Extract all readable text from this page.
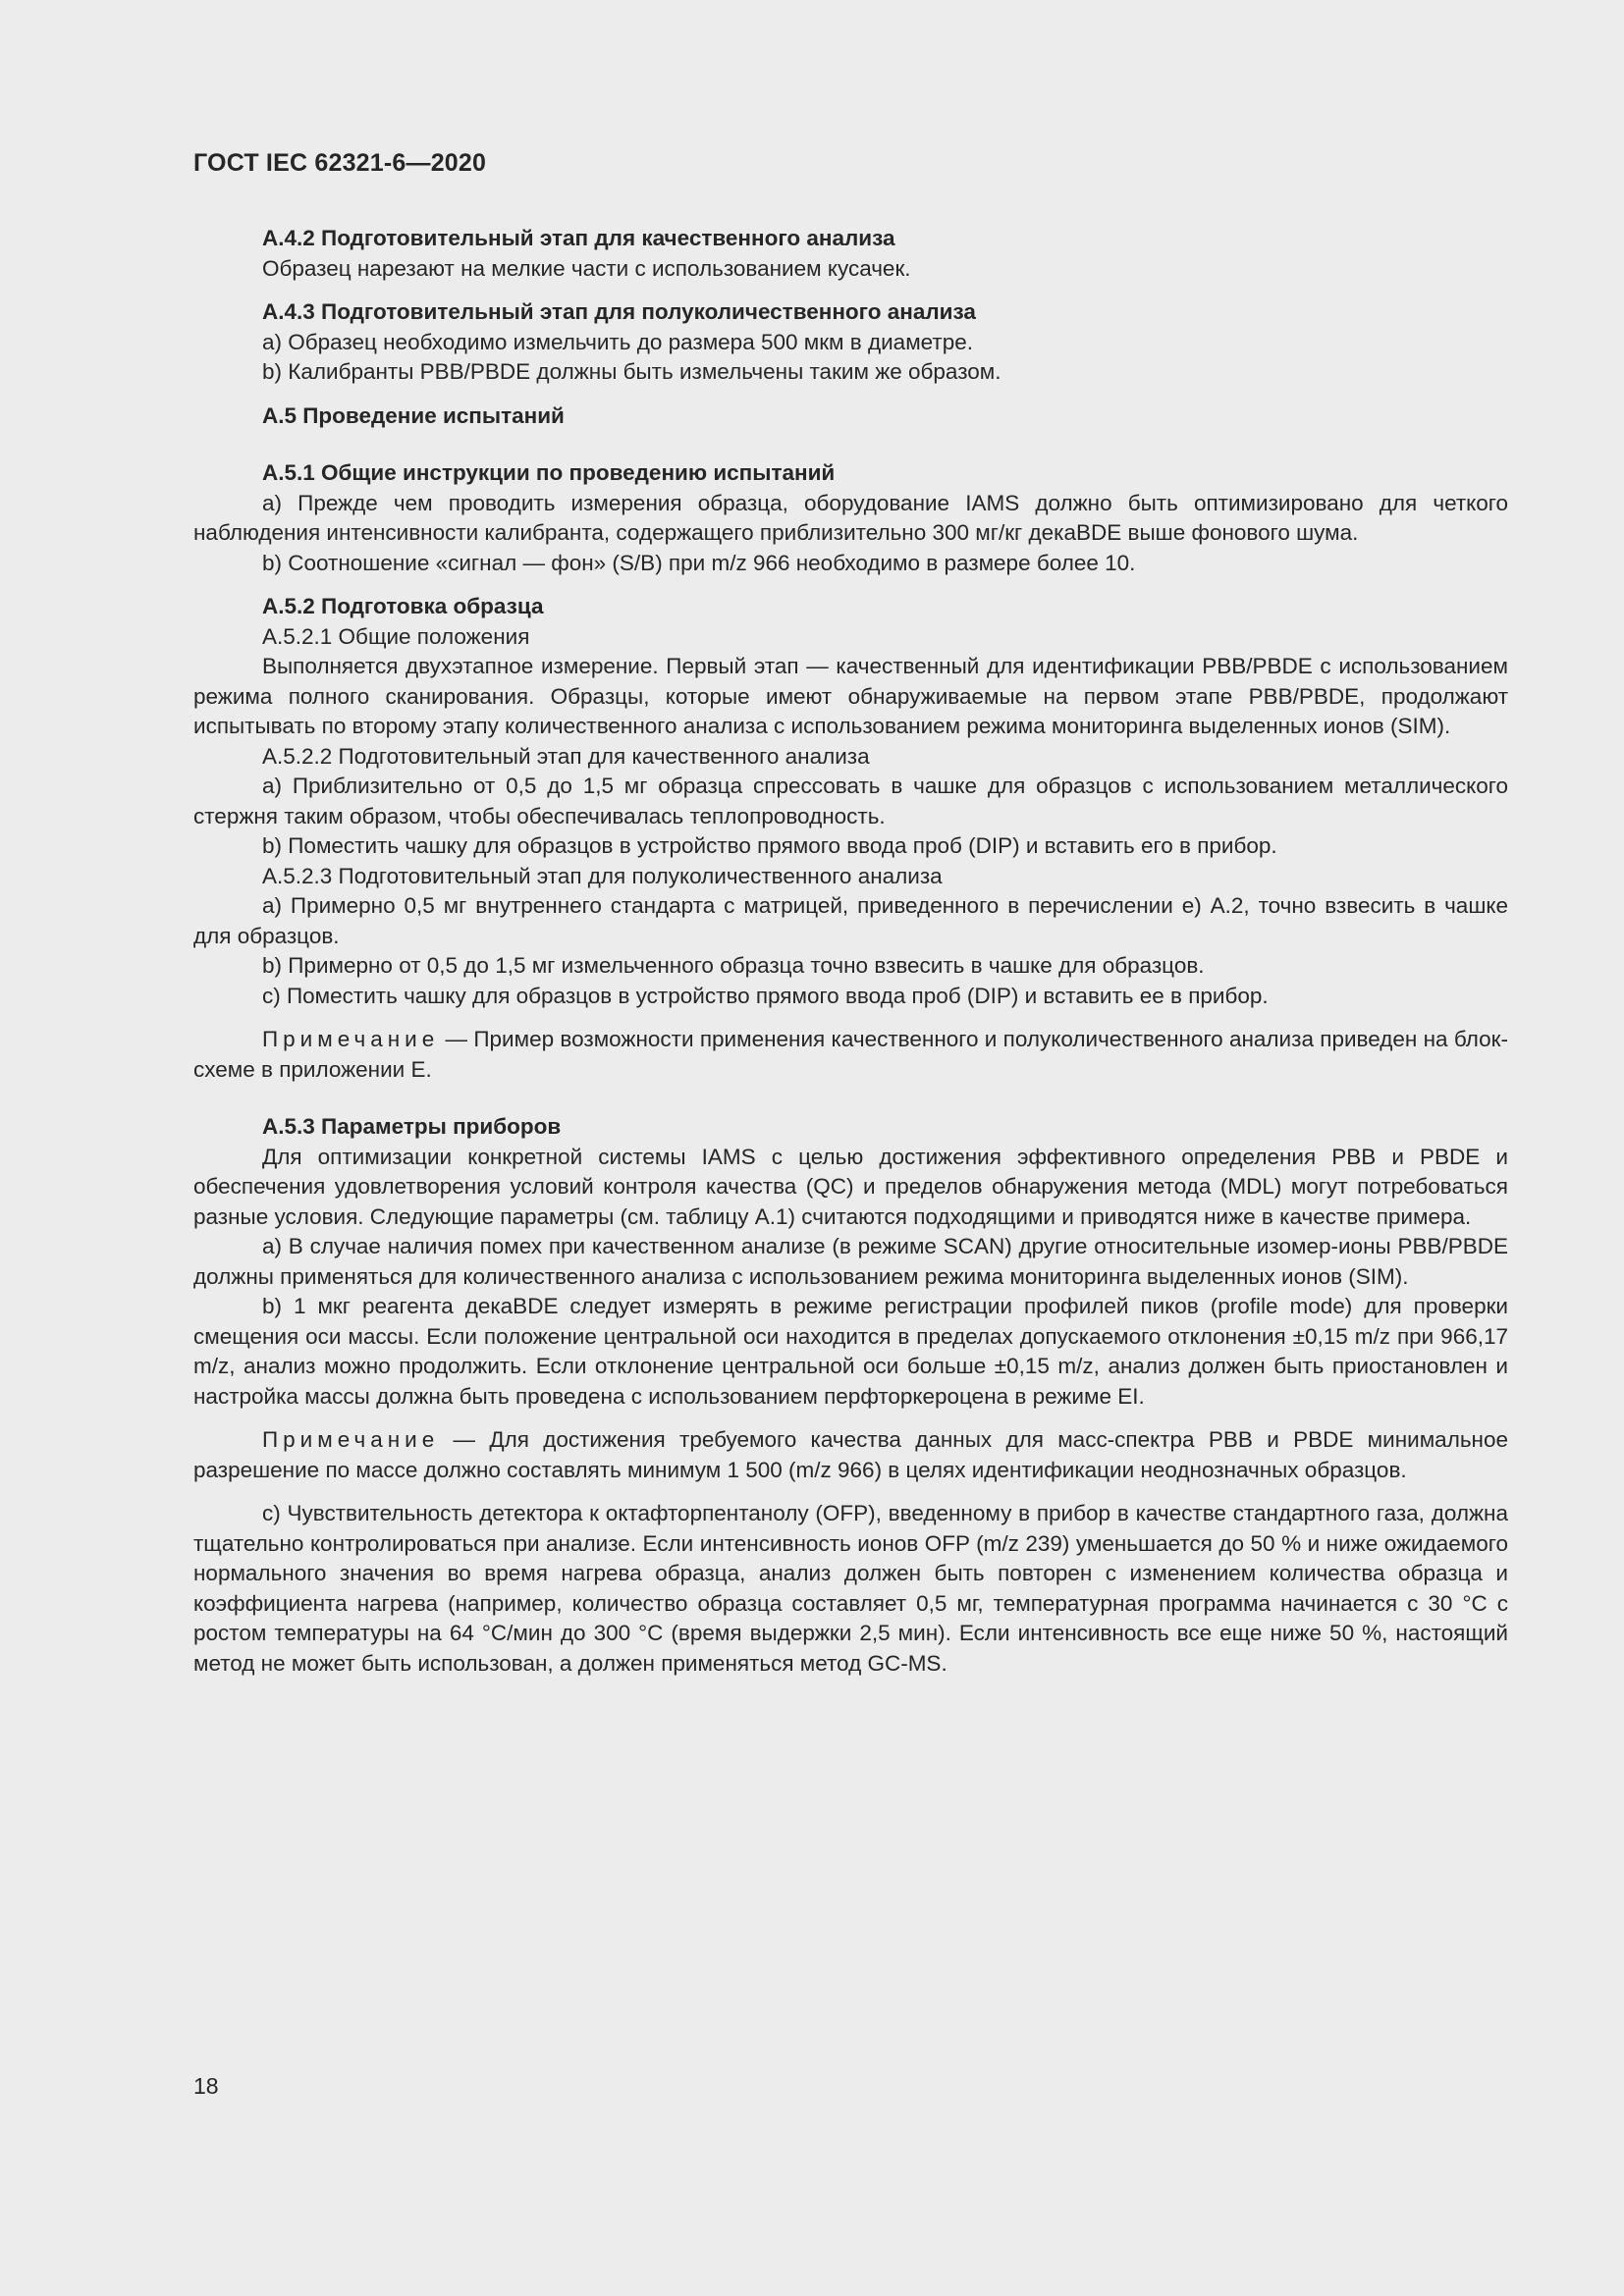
ГОСТ IEC 62321-6—2020

А.4.2 Подготовительный этап для качественного анализа

Образец нарезают на мелкие части с использованием кусачек.

А.4.3 Подготовительный этап для полуколичественного анализа

а) Образец необходимо измельчить до размера 500 мкм в диаметре.

b) Калибранты PBB/PBDE должны быть измельчены таким же образом.

А.5 Проведение испытаний

А.5.1 Общие инструкции по проведению испытаний

а) Прежде чем проводить измерения образца, оборудование IAMS должно быть оптимизировано для четкого наблюдения интенсивности калибранта, содержащего приблизительно 300 мг/кг декаBDE выше фонового шума.

b) Соотношение «сигнал — фон» (S/B) при m/z 966 необходимо в размере более 10.

А.5.2 Подготовка образца

А.5.2.1 Общие положения

Выполняется двухэтапное измерение. Первый этап — качественный для идентификации PBB/PBDE с использованием режима полного сканирования. Образцы, которые имеют обнаруживаемые на первом этапе PBB/PBDE, продолжают испытывать по второму этапу количественного анализа с использованием режима мониторинга выделенных ионов (SIM).

А.5.2.2 Подготовительный этап для качественного анализа

а) Приблизительно от 0,5 до 1,5 мг образца спрессовать в чашке для образцов с использованием металлического стержня таким образом, чтобы обеспечивалась теплопроводность.

b) Поместить чашку для образцов в устройство прямого ввода проб (DIP) и вставить его в прибор.

А.5.2.3 Подготовительный этап для полуколичественного анализа

а) Примерно 0,5 мг внутреннего стандарта с матрицей, приведенного в перечислении е) А.2, точно взвесить в чашке для образцов.

b) Примерно от 0,5 до 1,5 мг измельченного образца точно взвесить в чашке для образцов.

с) Поместить чашку для образцов в устройство прямого ввода проб (DIP) и вставить ее в прибор.

Примечание — Пример возможности применения качественного и полуколичественного анализа приведен на блок-схеме в приложении Е.

А.5.3 Параметры приборов

Для оптимизации конкретной системы IAMS с целью достижения эффективного определения PBB и PBDE и обеспечения удовлетворения условий контроля качества (QC) и пределов обнаружения метода (MDL) могут потребоваться разные условия. Следующие параметры (см. таблицу А.1) считаются подходящими и приводятся ниже в качестве примера.

а) В случае наличия помех при качественном анализе (в режиме SCAN) другие относительные изомер-ионы PBB/PBDE должны применяться для количественного анализа с использованием режима мониторинга выделенных ионов (SIM).

b) 1 мкг реагента декаBDE следует измерять в режиме регистрации профилей пиков (profile mode) для проверки смещения оси массы. Если положение центральной оси находится в пределах допускаемого отклонения ±0,15 m/z при 966,17 m/z, анализ можно продолжить. Если отклонение центральной оси больше ±0,15 m/z, анализ должен быть приостановлен и настройка массы должна быть проведена с использованием перфторкероцена в режиме EI.

Примечание — Для достижения требуемого качества данных для масс-спектра PBB и PBDE минимальное разрешение по массе должно составлять минимум 1 500 (m/z 966) в целях идентификации неоднозначных образцов.

с) Чувствительность детектора к октафторпентанолу (OFP), введенному в прибор в качестве стандартного газа, должна тщательно контролироваться при анализе. Если интенсивность ионов OFP (m/z 239) уменьшается до 50 % и ниже ожидаемого нормального значения во время нагрева образца, анализ должен быть повторен с изменением количества образца и коэффициента нагрева (например, количество образца составляет 0,5 мг, температурная программа начинается с 30 °С с ростом температуры на 64 °С/мин до 300 °С (время выдержки 2,5 мин). Если интенсивность все еще ниже 50 %, настоящий метод не может быть использован, а должен применяться метод GC-MS.

18
